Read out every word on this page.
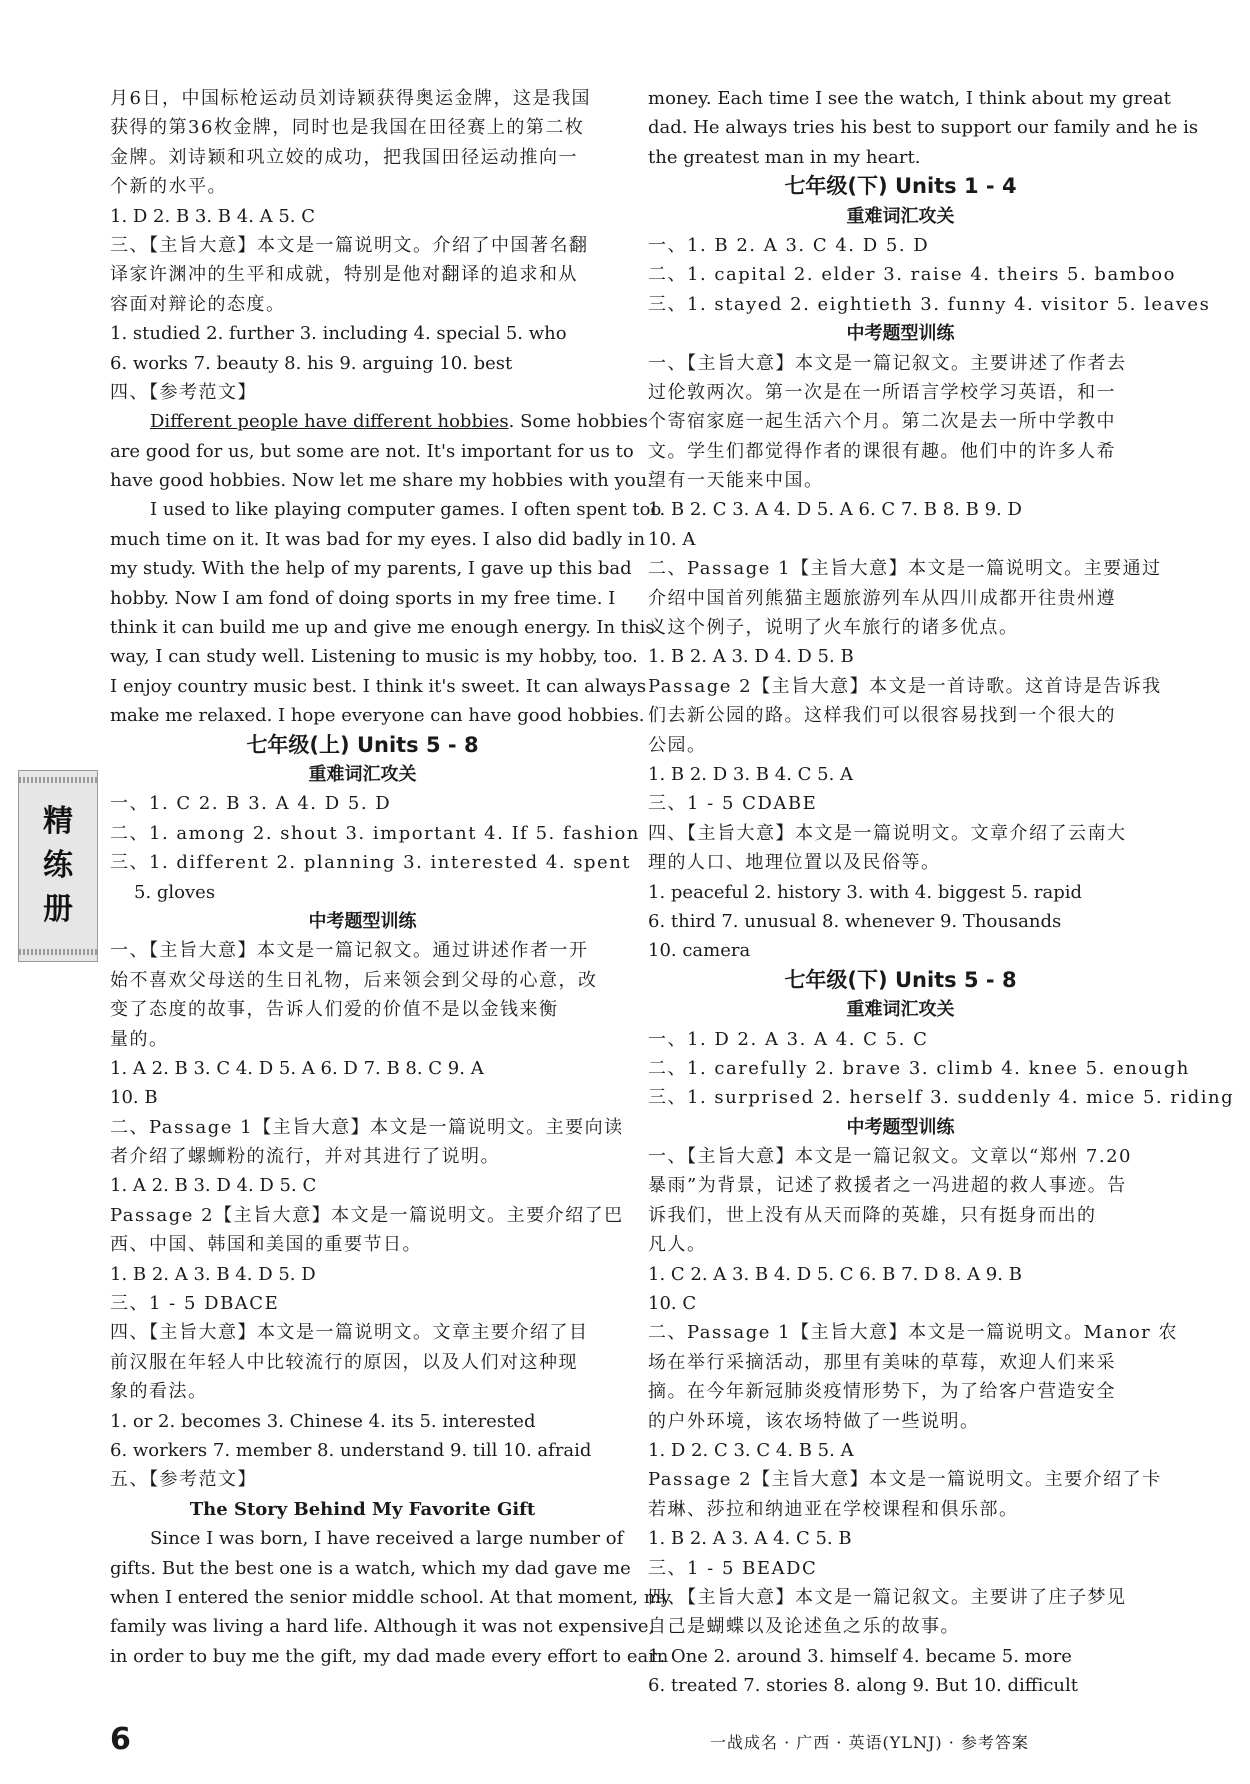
月6日，中国标枪运动员刘诗颖获得奥运金牌，这是我国
获得的第36枚金牌，同时也是我国在田径赛上的第二枚
金牌。刘诗颖和巩立姣的成功，把我国田径运动推向一
个新的水平。
1. D 2. B 3. B 4. A 5. C
三、【主旨大意】本文是一篇说明文。介绍了中国著名翻
译家许渊冲的生平和成就，特别是他对翻译的追求和从
容面对辩论的态度。
1. studied 2. further 3. including 4. special 5. who
6. works 7. beauty 8. his 9. arguing 10. best
四、【参考范文】
Different people have different hobbies. Some hobbies
are good for us, but some are not. It's important for us to
have good hobbies. Now let me share my hobbies with you.
I used to like playing computer games. I often spent too
much time on it. It was bad for my eyes. I also did badly in
my study. With the help of my parents, I gave up this bad
hobby. Now I am fond of doing sports in my free time. I
think it can build me up and give me enough energy. In this
way, I can study well. Listening to music is my hobby, too.
I enjoy country music best. I think it's sweet. It can always
make me relaxed. I hope everyone can have good hobbies.
七年级(上) Units 5 - 8
重难词汇攻关
一、1. C 2. B 3. A 4. D 5. D
二、1. among 2. shout 3. important 4. If 5. fashion
三、1. different 2. planning 3. interested 4. spent
5. gloves
中考题型训练
一、【主旨大意】本文是一篇记叙文。通过讲述作者一开
始不喜欢父母送的生日礼物，后来领会到父母的心意，改
变了态度的故事，告诉人们爱的价值不是以金钱来衡
量的。
1. A 2. B 3. C 4. D 5. A 6. D 7. B 8. C 9. A
10. B
二、Passage 1【主旨大意】本文是一篇说明文。主要向读
者介绍了螺蛳粉的流行，并对其进行了说明。
1. A 2. B 3. D 4. D 5. C
Passage 2【主旨大意】本文是一篇说明文。主要介绍了巴
西、中国、韩国和美国的重要节日。
1. B 2. A 3. B 4. D 5. D
三、1 - 5 DBACE
四、【主旨大意】本文是一篇说明文。文章主要介绍了目
前汉服在年轻人中比较流行的原因，以及人们对这种现
象的看法。
1. or 2. becomes 3. Chinese 4. its 5. interested
6. workers 7. member 8. understand 9. till 10. afraid
五、【参考范文】
The Story Behind My Favorite Gift
Since I was born, I have received a large number of
gifts. But the best one is a watch, which my dad gave me
when I entered the senior middle school. At that moment, my
family was living a hard life. Although it was not expensive,
in order to buy me the gift, my dad made every effort to earn
money. Each time I see the watch, I think about my great
dad. He always tries his best to support our family and he is
the greatest man in my heart.
七年级(下) Units 1 - 4
重难词汇攻关
一、1. B 2. A 3. C 4. D 5. D
二、1. capital 2. elder 3. raise 4. theirs 5. bamboo
三、1. stayed 2. eightieth 3. funny 4. visitor 5. leaves
中考题型训练
一、【主旨大意】本文是一篇记叙文。主要讲述了作者去
过伦敦两次。第一次是在一所语言学校学习英语，和一
个寄宿家庭一起生活六个月。第二次是去一所中学教中
文。学生们都觉得作者的课很有趣。他们中的许多人希
望有一天能来中国。
1. B 2. C 3. A 4. D 5. A 6. C 7. B 8. B 9. D
10. A
二、Passage 1【主旨大意】本文是一篇说明文。主要通过
介绍中国首列熊猫主题旅游列车从四川成都开往贵州遵
义这个例子，说明了火车旅行的诸多优点。
1. B 2. A 3. D 4. D 5. B
Passage 2【主旨大意】本文是一首诗歌。这首诗是告诉我
们去新公园的路。这样我们可以很容易找到一个很大的
公园。
1. B 2. D 3. B 4. C 5. A
三、1 - 5 CDABE
四、【主旨大意】本文是一篇说明文。文章介绍了云南大
理的人口、地理位置以及民俗等。
1. peaceful 2. history 3. with 4. biggest 5. rapid
6. third 7. unusual 8. whenever 9. Thousands
10. camera
七年级(下) Units 5 - 8
重难词汇攻关
一、1. D 2. A 3. A 4. C 5. C
二、1. carefully 2. brave 3. climb 4. knee 5. enough
三、1. surprised 2. herself 3. suddenly 4. mice 5. riding
中考题型训练
一、【主旨大意】本文是一篇记叙文。文章以“郑州 7.20
暴雨”为背景，记述了救援者之一冯进超的救人事迹。告
诉我们，世上没有从天而降的英雄，只有挺身而出的
凡人。
1. C 2. A 3. B 4. D 5. C 6. B 7. D 8. A 9. B
10. C
二、Passage 1【主旨大意】本文是一篇说明文。Manor 农
场在举行采摘活动，那里有美味的草莓，欢迎人们来采
摘。在今年新冠肺炎疫情形势下，为了给客户营造安全
的户外环境，该农场特做了一些说明。
1. D 2. C 3. C 4. B 5. A
Passage 2【主旨大意】本文是一篇说明文。主要介绍了卡
若琳、莎拉和纳迪亚在学校课程和俱乐部。
1. B 2. A 3. A 4. C 5. B
三、1 - 5 BEADC
四、【主旨大意】本文是一篇记叙文。主要讲了庄子梦见
自己是蝴蝶以及论述鱼之乐的故事。
1. One 2. around 3. himself 4. became 5. more
6. treated 7. stories 8. along 9. But 10. difficult
精
练
册
6	一战成名 · 广西 · 英语(YLNJ) · 参考答案
